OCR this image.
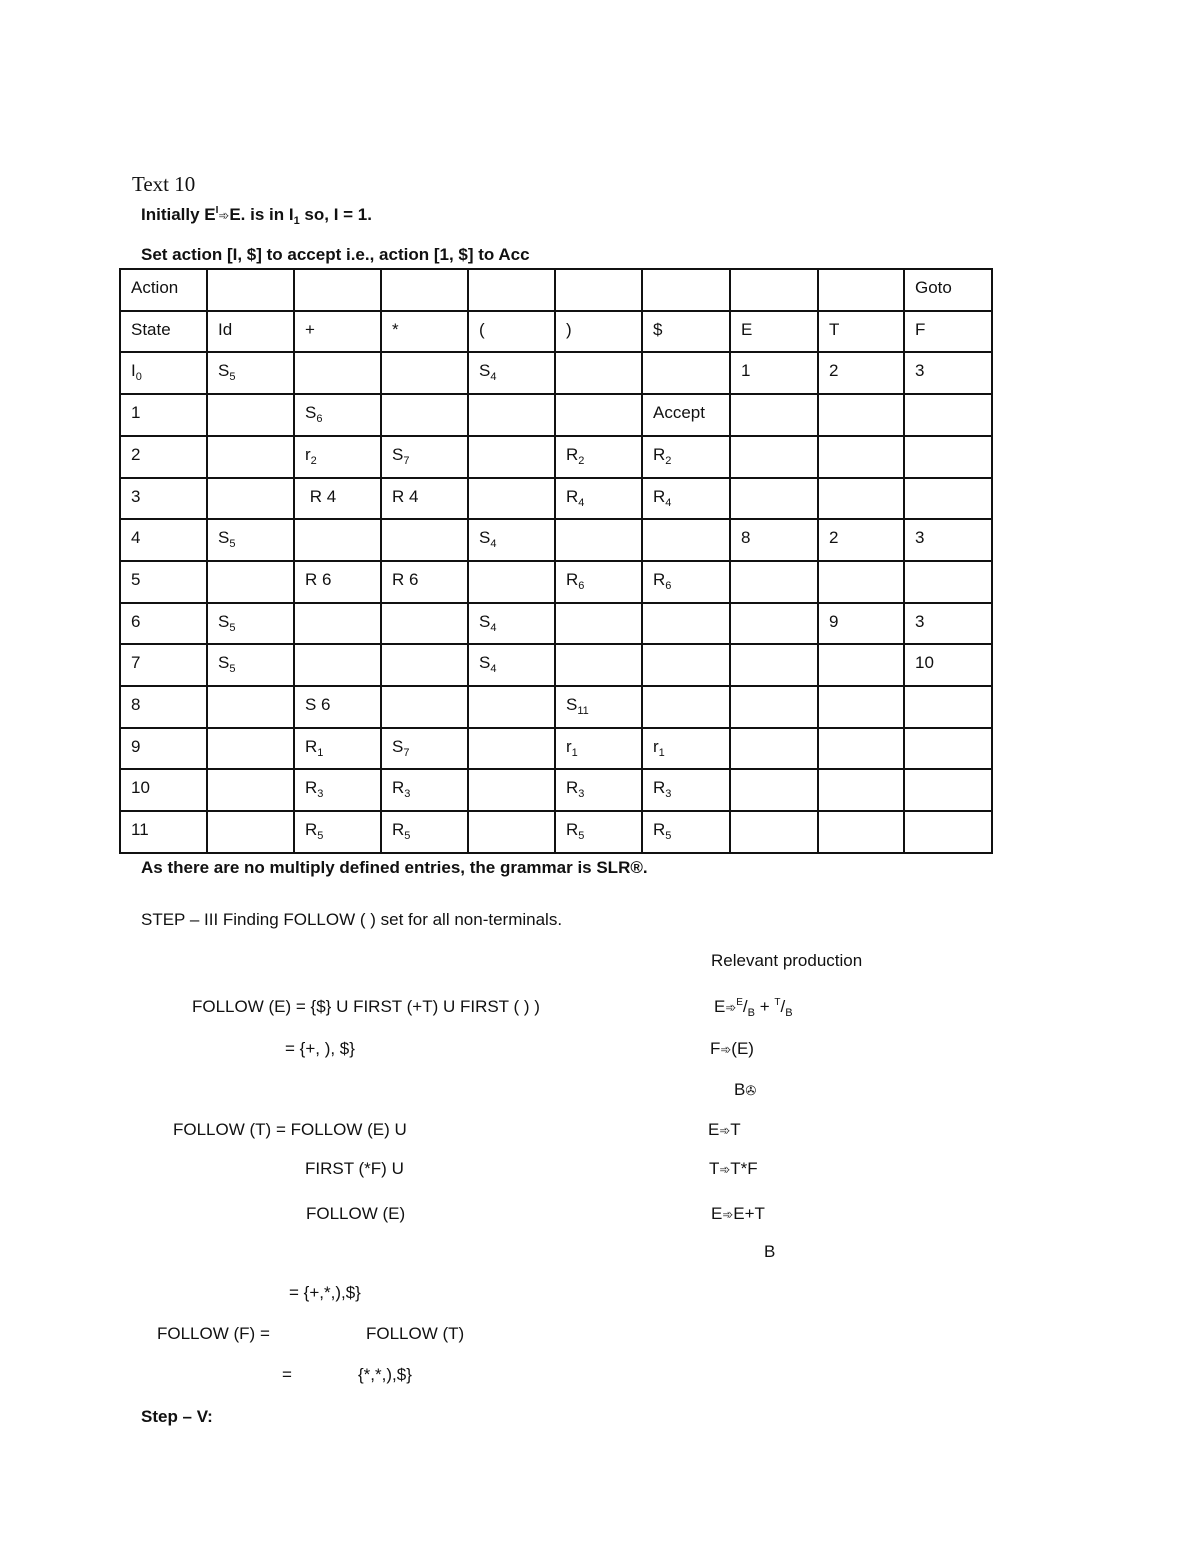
Text 10
Initially $E^I➾E$. is in $I_1$ so, I = 1.
Set action [I, $] to accept i.e., action [1, $] to Acc
Action									Goto
State	Id	+	*	(	)	$	E	T	F
$I_0$	$S_5$			$S_4$			1	2	3
1		$S_6$				Accept			
2		$r_2$	$S_7$		$R_2$	$R_2$			
3		R 4	R 4		$R_4$	$R_4$			
4	$S_5$			$S_4$			8	2	3
5		R 6	R 6		$R_6$	$R_6$			
6	$S_5$			$S_4$				9	3
7	$S_5$			$S_4$					10
8		S 6			$S_{11}$				
9		$R_1$	$S_7$		$r_1$	$r_1$			
10		$R_3$	$R_3$		$R_3$	$R_3$			
11		$R_5$	$R_5$		$R_5$	$R_5$			
As there are no multiply defined entries, the grammar is SLR®.
STEP – III Finding FOLLOW ( ) set for all non-terminals.
Relevant production
FOLLOW (E) = {$} U FIRST (+T) U FIRST ( ) )
= {+, ), $}
FOLLOW (T) = FOLLOW (E) U
FIRST (*F) U
FOLLOW (E)
= {+,*,),$}
FOLLOW (F) =	FOLLOW (T)
=	{*,*,),$}
$E➾^E/_B + ^T/_B$
F➾(E)
B✇
E➾T
T➾T*F
E➾E+T
B
Step – V:
